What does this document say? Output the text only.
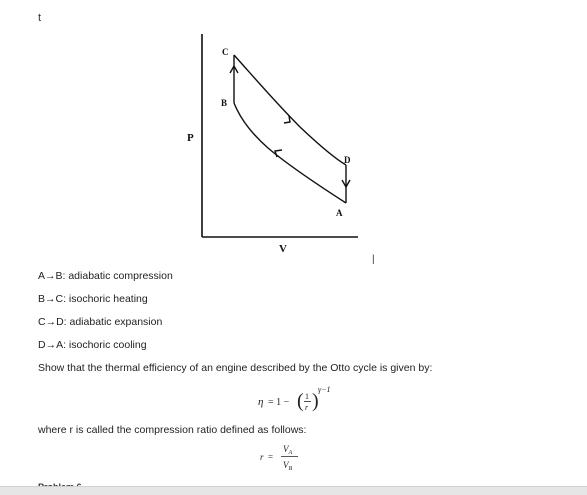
t
P
V
|
C
B
D
A
A→B: adiabatic compression
B→C: isochoric heating
C→D: adiabatic expansion
D→A: isochoric cooling
Show that the thermal efficiency of an engine described by the Otto cycle is given by:
η = 1 − ( 1
r )
γ−1
where r is called the compression ratio defined as follows:
r =
$V_A$
$V_B$
